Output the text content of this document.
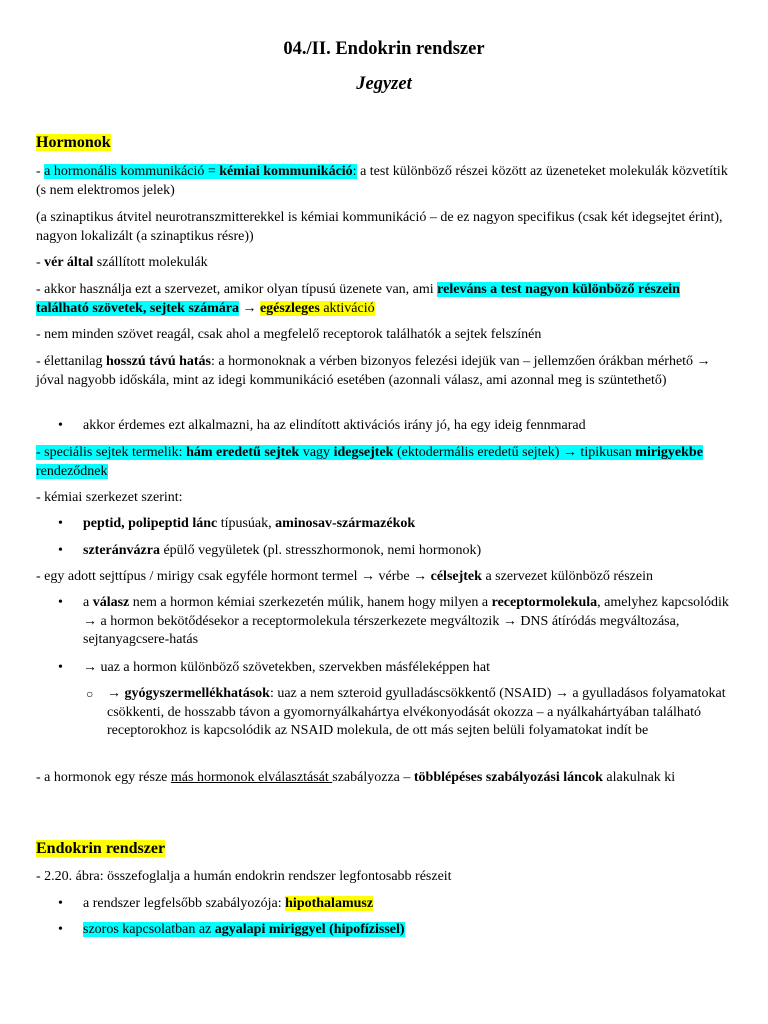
04./II. Endokrin rendszer
Jegyzet
Hormonok
- a hormonális kommunikáció = kémiai kommunikáció: a test különböző részei között az üzeneteket molekulák közvetítik (s nem elektromos jelek)
(a szinaptikus átvitel neurotranszmitterekkel is kémiai kommunikáció – de ez nagyon specifikus (csak két idegsejtet érint), nagyon lokalizált (a szinaptikus résre))
- vér által szállított molekulák
- akkor használja ezt a szervezet, amikor olyan típusú üzenete van, ami releváns a test nagyon különböző részein található szövetek, sejtek számára → egészleges aktiváció
- nem minden szövet reagál, csak ahol a megfelelő receptorok találhatók a sejtek felszínén
- élettanilag hosszú távú hatás: a hormonoknak a vérben bizonyos felezési idejük van – jellemzően órákban mérhető → jóval nagyobb időskála, mint az idegi kommunikáció esetében (azonnali válasz, ami azonnal meg is szüntethető)
• akkor érdemes ezt alkalmazni, ha az elindított aktivációs irány jó, ha egy ideig fennmarad
- speciális sejtek termelik: hám eredetű sejtek vagy idegsejtek (ektodermális eredetű sejtek) → tipikusan mirigyekbe rendeződnek
- kémiai szerkezet szerint:
• peptid, polipeptid lánc típusúak, aminosav-származékok
• szteránvázra épülő vegyületek (pl. stresszhormonok, nemi hormonok)
- egy adott sejttípus / mirigy csak egyféle hormont termel → vérbe → célsejtek a szervezet különböző részein
• a válasz nem a hormon kémiai szerkezetén múlik, hanem hogy milyen a receptormolekula, amelyhez kapcsolódik → a hormon bekötődésekor a receptormolekula térszerkezete megváltozik → DNS átíródás megváltozása, sejtanyagcsere-hatás
• → uaz a hormon különböző szövetekben, szervekben másféleképpen hat
○ → gyógyszermellékhatások: uaz a nem szteroid gyulladáscsökkentő (NSAID) → a gyulladásos folyamatokat csökkenti, de hosszabb távon a gyomornyálkahártya elvékonyodását okozza – a nyálkahártyában található receptorokhoz is kapcsolódik az NSAID molekula, de ott más sejten belüli folyamatokat indít be
- a hormonok egy része más hormonok elválasztását szabályozza – többlépéses szabályozási láncok alakulnak ki
Endokrin rendszer
- 2.20. ábra: összefoglalja a humán endokrin rendszer legfontosabb részeit
• a rendszer legfelsőbb szabályozója: hipothalamusz
• szoros kapcsolatban az agyalapi miriggyel (hipofízissel)
